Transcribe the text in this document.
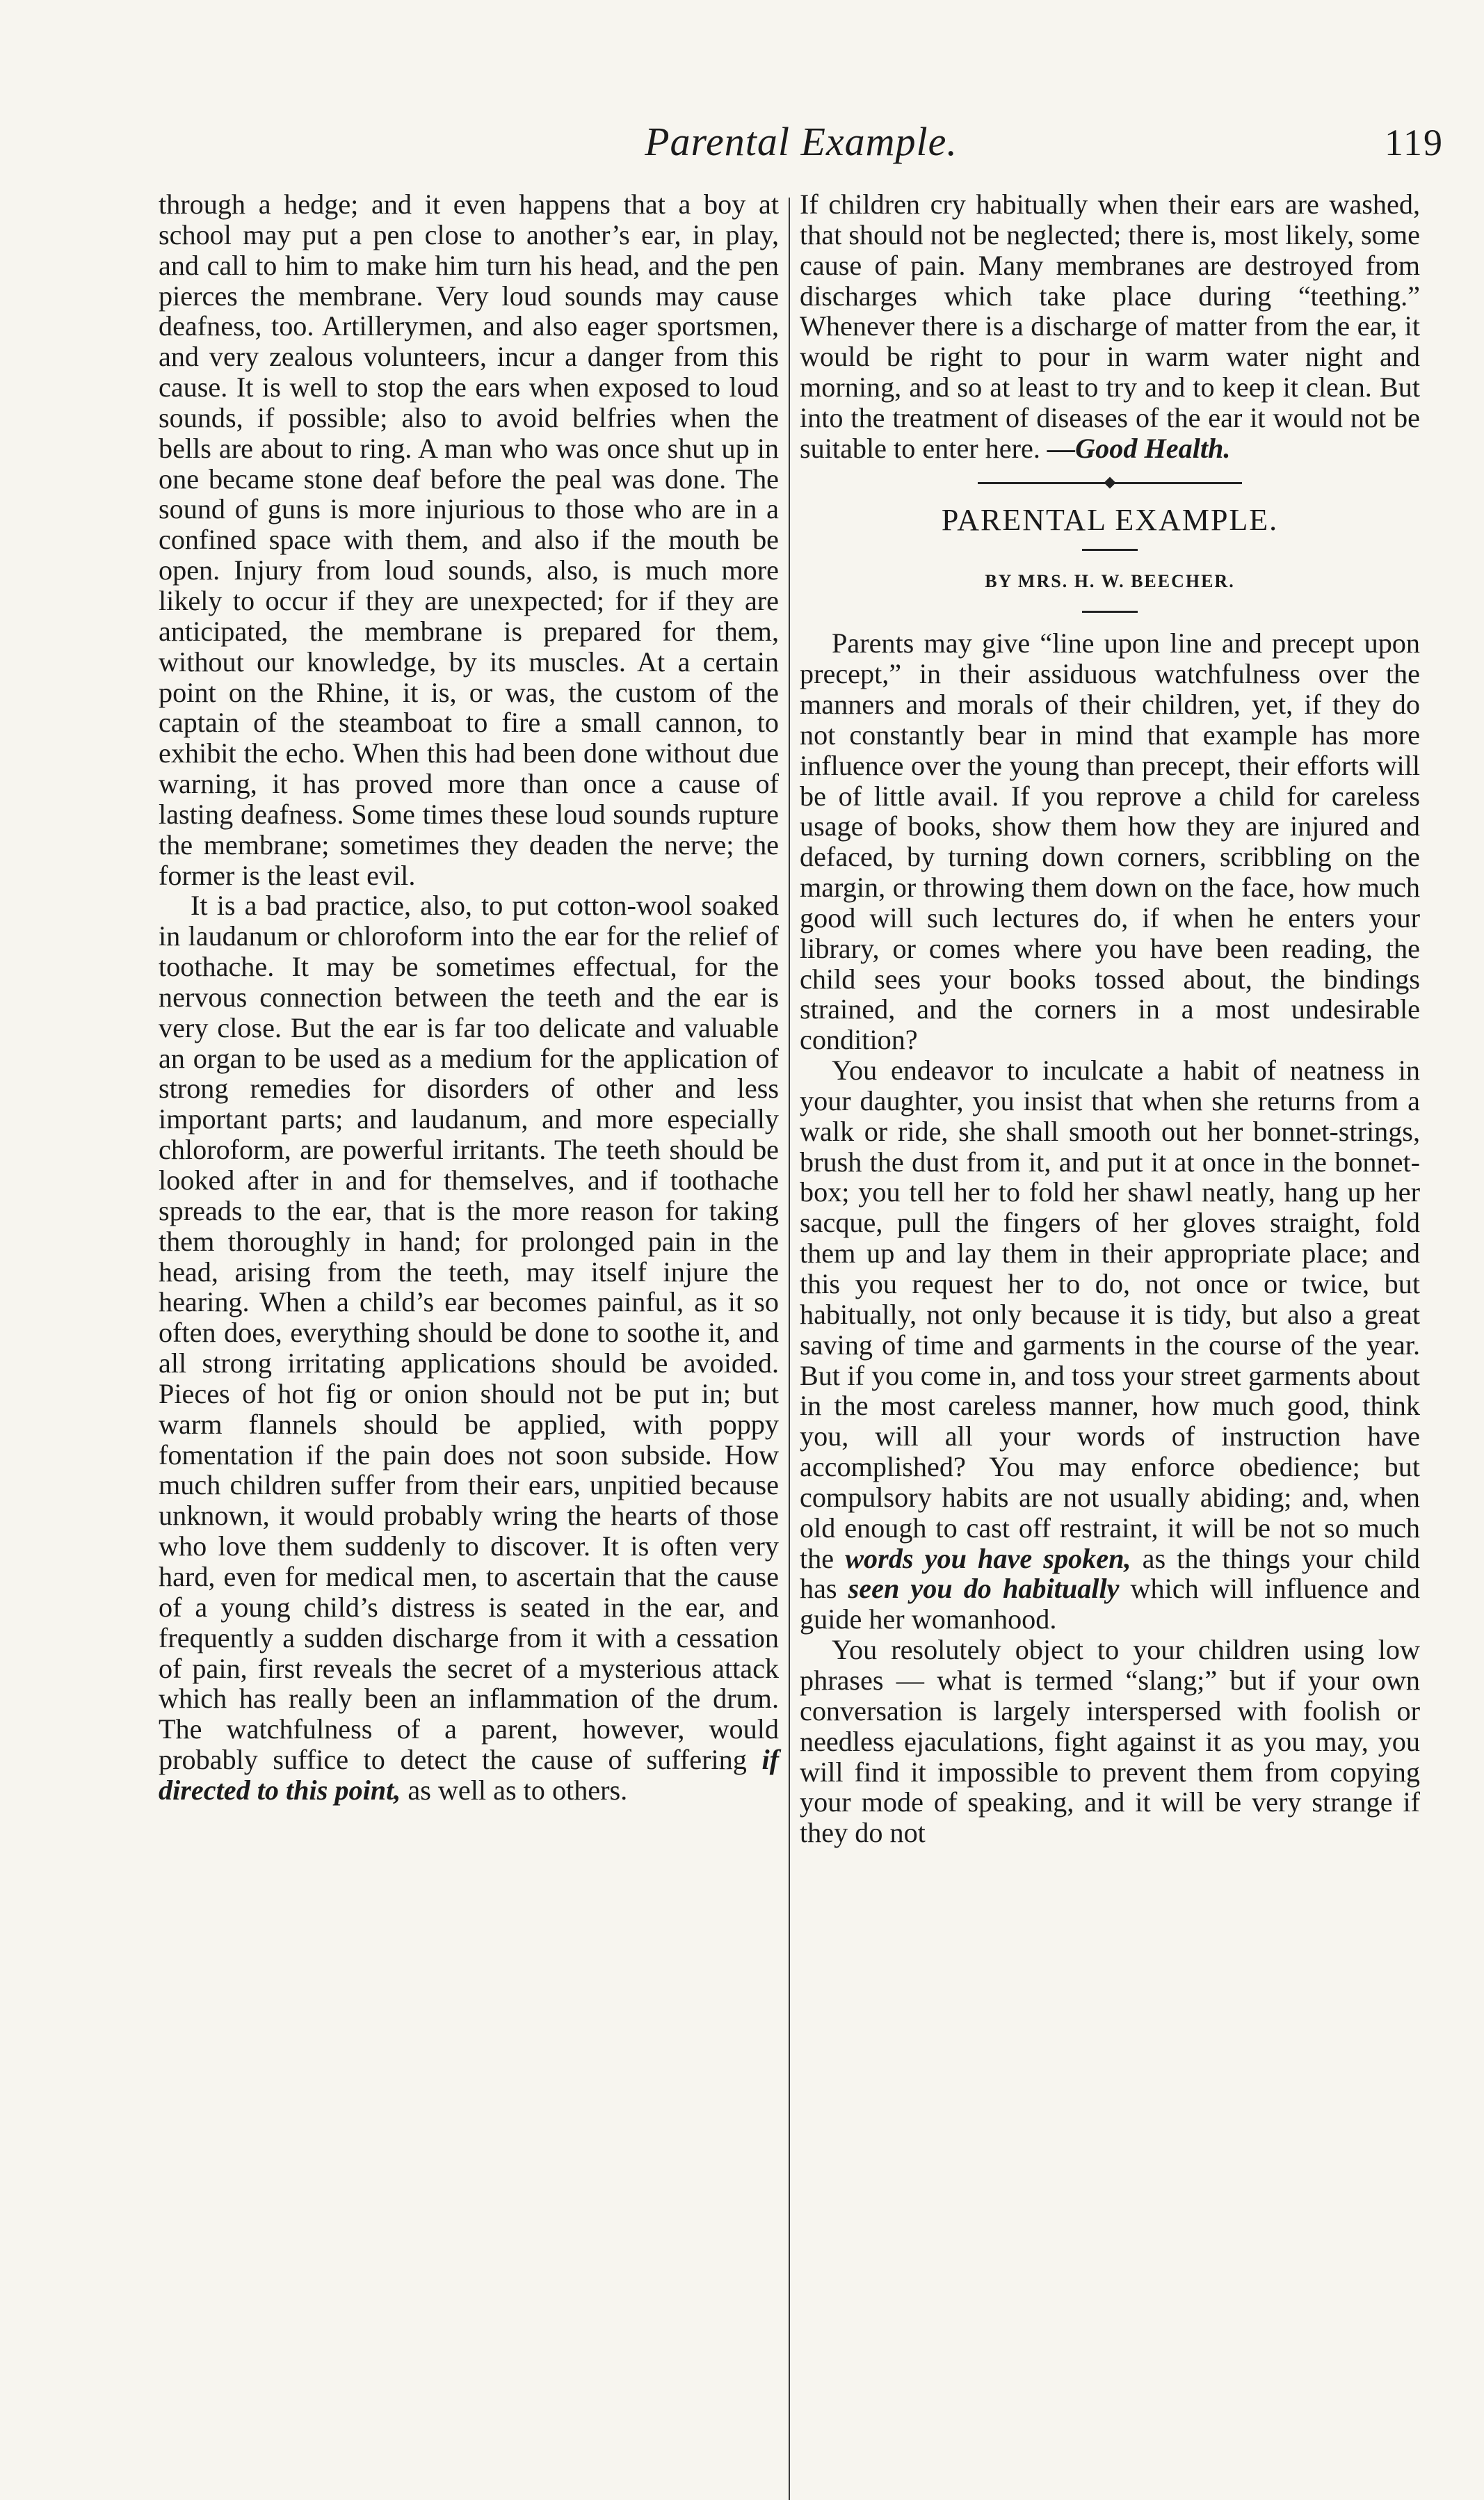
Parental Example.	119

through a hedge; and it even happens that a boy at school may put a pen close to another’s ear, in play, and call to him to make him turn his head, and the pen pierces the membrane. Very loud sounds may cause deafness, too. Artillerymen, and also eager sportsmen, and very zealous volunteers, incur a danger from this cause. It is well to stop the ears when exposed to loud sounds, if possible; also to avoid belfries when the bells are about to ring. A man who was once shut up in one became stone deaf before the peal was done. The sound of guns is more injurious to those who are in a confined space with them, and also if the mouth be open. Injury from loud sounds, also, is much more likely to occur if they are unexpected; for if they are anticipated, the membrane is prepared for them, without our knowledge, by its muscles. At a certain point on the Rhine, it is, or was, the custom of the captain of the steamboat to fire a small cannon, to exhibit the echo. When this had been done without due warning, it has proved more than once a cause of lasting deafness. Some times these loud sounds rupture the membrane; sometimes they deaden the nerve; the former is the least evil.

It is a bad practice, also, to put cotton-wool soaked in laudanum or chloroform into the ear for the relief of toothache. It may be sometimes effectual, for the nervous connection between the teeth and the ear is very close. But the ear is far too delicate and valuable an organ to be used as a medium for the application of strong remedies for disorders of other and less important parts; and laudanum, and more especially chloroform, are powerful irritants. The teeth should be looked after in and for themselves, and if toothache spreads to the ear, that is the more reason for taking them thoroughly in hand; for prolonged pain in the head, arising from the teeth, may itself injure the hearing. When a child’s ear becomes painful, as it so often does, everything should be done to soothe it, and all strong irritating applications should be avoided. Pieces of hot fig or onion should not be put in; but warm flannels should be applied, with poppy fomentation if the pain does not soon subside. How much children suffer from their ears, unpitied because unknown, it would probably wring the hearts of those who love them suddenly to discover. It is often very hard, even for medical men, to ascertain that the cause of a young child’s distress is seated in the ear, and frequently a sudden discharge from it with a cessation of pain, first reveals the secret of a mysterious attack which has really been an inflammation of the drum. The watchfulness of a parent, however, would probably suffice to detect the cause of suffering if directed to this point, as well as to others.

If children cry habitually when their ears are washed, that should not be neglected; there is, most likely, some cause of pain. Many membranes are destroyed from discharges which take place during “teething.” Whenever there is a discharge of matter from the ear, it would be right to pour in warm water night and morning, and so at least to try and to keep it clean. But into the treatment of diseases of the ear it would not be suitable to enter here. —Good Health.

PARENTAL EXAMPLE.

BY MRS. H. W. BEECHER.

Parents may give “line upon line and precept upon precept,” in their assiduous watchfulness over the manners and morals of their children, yet, if they do not constantly bear in mind that example has more influence over the young than precept, their efforts will be of little avail. If you reprove a child for careless usage of books, show them how they are injured and defaced, by turning down corners, scribbling on the margin, or throwing them down on the face, how much good will such lectures do, if when he enters your library, or comes where you have been reading, the child sees your books tossed about, the bindings strained, and the corners in a most undesirable condition?

You endeavor to inculcate a habit of neatness in your daughter, you insist that when she returns from a walk or ride, she shall smooth out her bonnet-strings, brush the dust from it, and put it at once in the bonnet-box; you tell her to fold her shawl neatly, hang up her sacque, pull the fingers of her gloves straight, fold them up and lay them in their appropriate place; and this you request her to do, not once or twice, but habitually, not only because it is tidy, but also a great saving of time and garments in the course of the year. But if you come in, and toss your street garments about in the most careless manner, how much good, think you, will all your words of instruction have accomplished? You may enforce obedience; but compulsory habits are not usually abiding; and, when old enough to cast off restraint, it will be not so much the words you have spoken, as the things your child has seen you do habitually which will influence and guide her womanhood.

You resolutely object to your children using low phrases — what is termed “slang;” but if your own conversation is largely interspersed with foolish or needless ejaculations, fight against it as you may, you will find it impossible to prevent them from copying your mode of speaking, and it will be very strange if they do not
